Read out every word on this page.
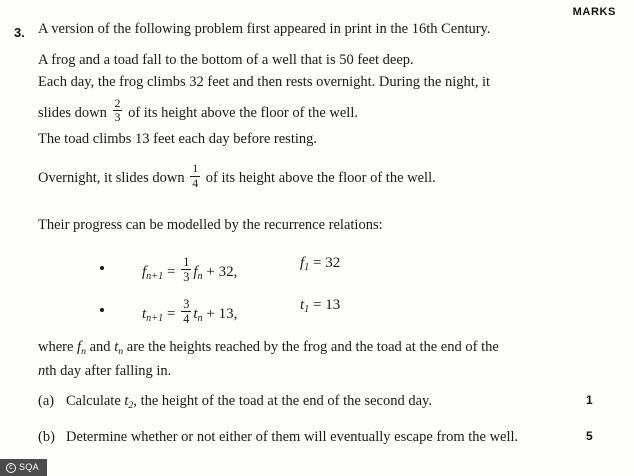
MARKS
3. A version of the following problem first appeared in print in the 16th Century.
A frog and a toad fall to the bottom of a well that is 50 feet deep.
Each day, the frog climbs 32 feet and then rests overnight. During the night, it
slides down $\frac{2}{3}$ of its height above the floor of the well.
The toad climbs 13 feet each day before resting.
Overnight, it slides down $\frac{1}{4}$ of its height above the floor of the well.
Their progress can be modelled by the recurrence relations:
$fn+1 = \frac{1}{3}$ fn + 32,
f1 = 32
$tn+1 = \frac{3}{4}$ tn + 13,
t1 = 13
where fn and tn are the heights reached by the frog and the toad at the end of the
nth day after falling in.
(a) Calculate $t_2$, the height of the toad at the end of the second day.	1
(b) Determine whether or not either of them will eventually escape from the well.	5
c SQA
